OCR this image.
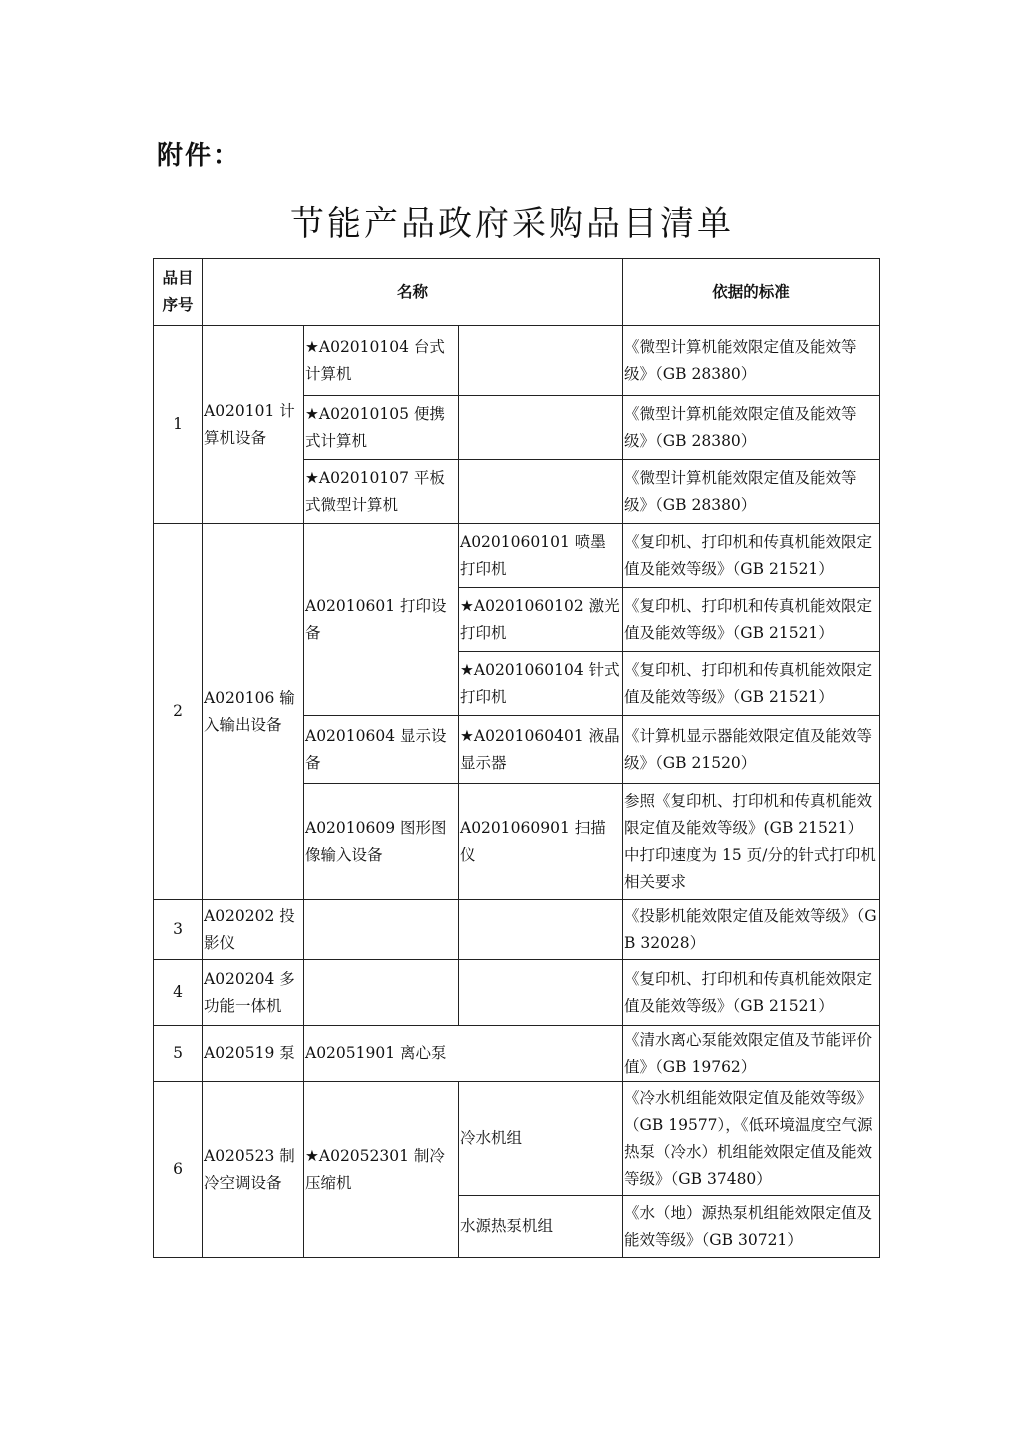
附件：
节能产品政府采购品目清单
品目序号	名称			依据的标准
1	A020101 计算机设备	★A02010104 台式计算机		《微型计算机能效限定值及能效等级》（GB 28380）
		★A02010105 便携式计算机		《微型计算机能效限定值及能效等级》（GB 28380）
		★A02010107 平板式微型计算机		《微型计算机能效限定值及能效等级》（GB 28380）
2	A020106 输入输出设备	A02010601 打印设备	A0201060101 喷墨打印机	《复印机、打印机和传真机能效限定值及能效等级》（GB 21521）
			★A0201060102 激光打印机	《复印机、打印机和传真机能效限定值及能效等级》（GB 21521）
			★A0201060104 针式打印机	《复印机、打印机和传真机能效限定值及能效等级》（GB 21521）
		A02010604 显示设备	★A0201060401 液晶显示器	《计算机显示器能效限定值及能效等级》（GB 21520）
		A02010609 图形图像输入设备	A0201060901 扫描仪	参照《复印机、打印机和传真机能效限定值及能效等级》(GB 21521）中打印速度为 15 页/分的针式打印机相关要求
3	A020202 投影仪			《投影机能效限定值及能效等级》（GB 32028）
4	A020204 多功能一体机			《复印机、打印机和传真机能效限定值及能效等级》（GB 21521）
5	A020519 泵	A02051901 离心泵		《清水离心泵能效限定值及节能评价值》（GB 19762）
6	A020523 制冷空调设备	★A02052301 制冷压缩机	冷水机组	《冷水机组能效限定值及能效等级》（GB 19577），《低环境温度空气源热泵（冷水）机组能效限定值及能效等级》（GB 37480）
			水源热泵机组	《水（地）源热泵机组能效限定值及能效等级》（GB 30721）
